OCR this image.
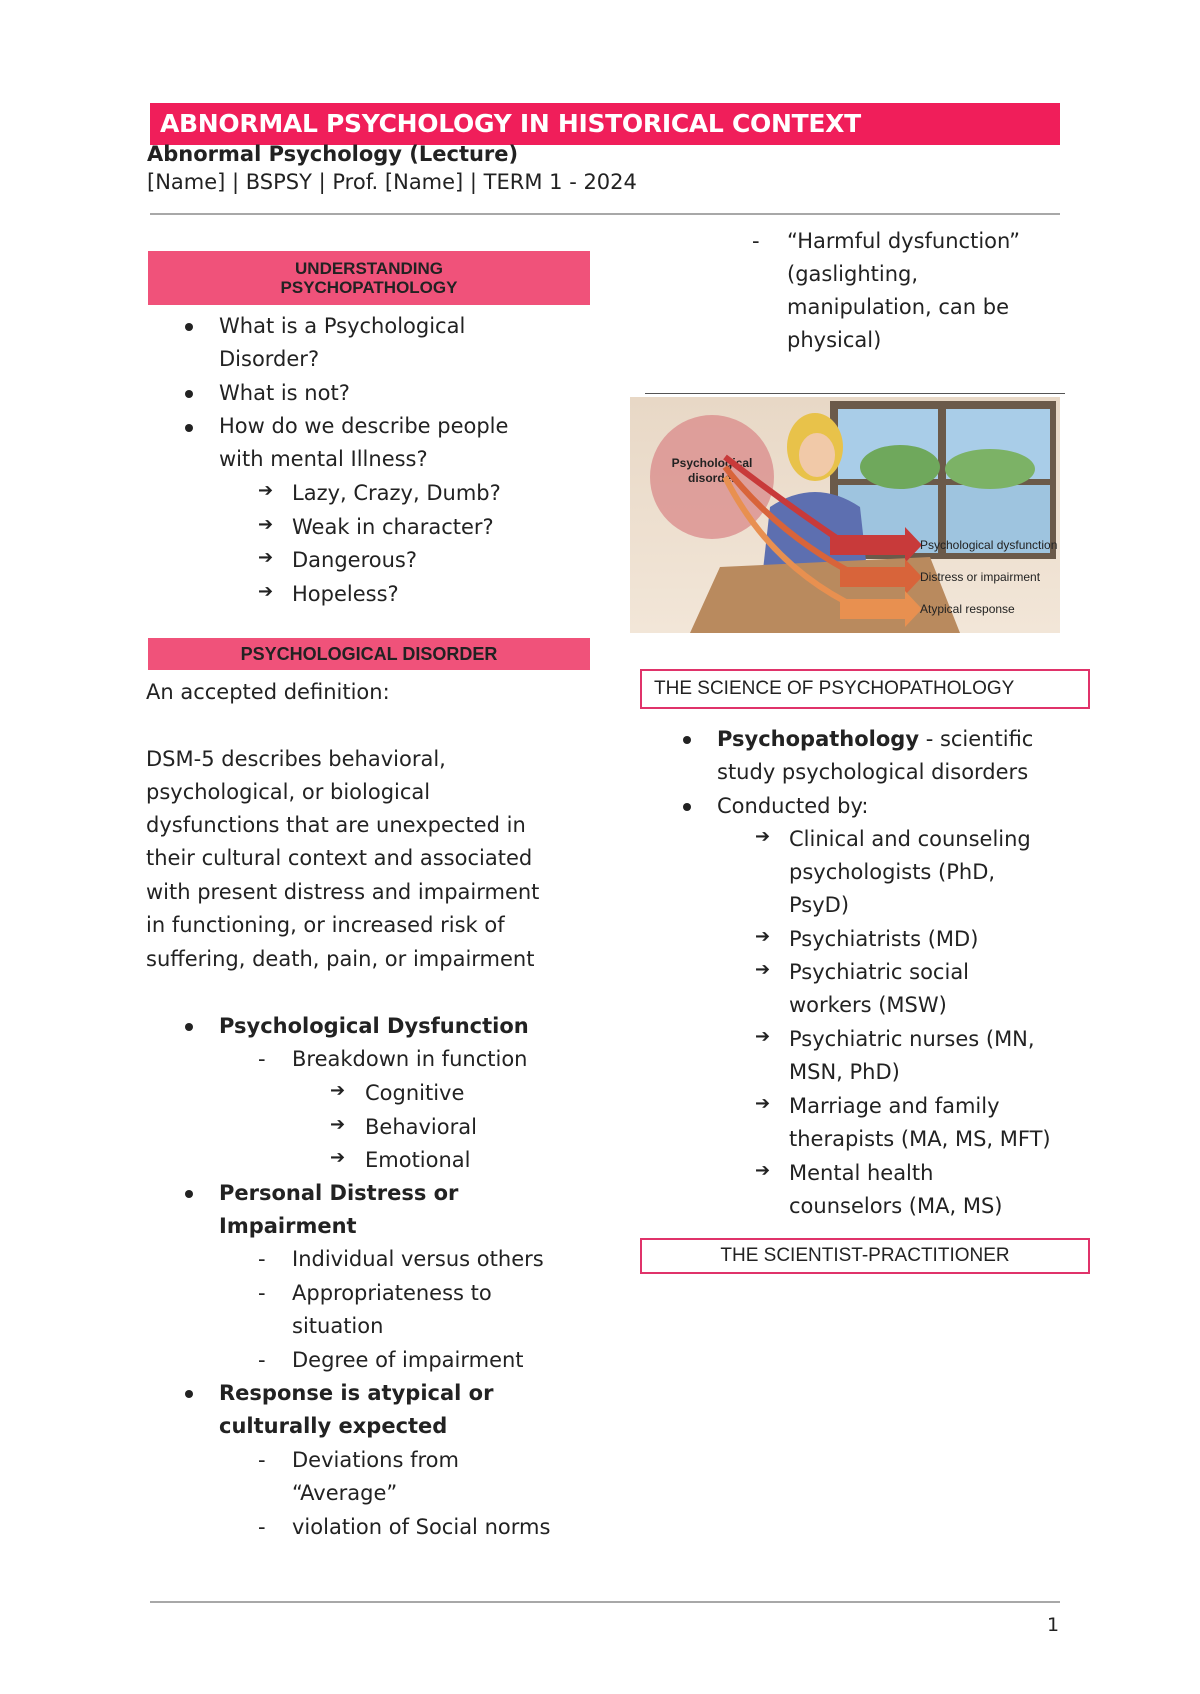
ABNORMAL PSYCHOLOGY IN HISTORICAL CONTEXT
Abnormal Psychology (Lecture)
[Name] | BSPSY | Prof. [Name] | TERM 1 - 2024
UNDERSTANDING
PSYCHOPATHOLOGY
What is a Psychological
Disorder?
What is not?
How do we describe people
with mental Illness?
➔ Lazy, Crazy, Dumb?
➔ Weak in character?
➔ Dangerous?
➔ Hopeless?
PSYCHOLOGICAL DISORDER
An accepted definition:
DSM-5 describes behavioral,
psychological, or biological
dysfunctions that are unexpected in
their cultural context and associated
with present distress and impairment
in functioning, or increased risk of
suffering, death, pain, or impairment
Psychological Dysfunction
- Breakdown in function
➔ Cognitive
➔ Behavioral
➔ Emotional
Personal Distress or
Impairment
- Individual versus others
- Appropriateness to
situation
- Degree of impairment
Response is atypical or
culturally expected
- Deviations from
“Average”
- violation of Social norms
- “Harmful dysfunction”
(gaslighting,
manipulation, can be
physical)
Psychological
disorder
Psychological dysfunction
Distress or impairment
Atypical response
THE SCIENCE OF PSYCHOPATHOLOGY
Psychopathology - scientific
study psychological disorders
Conducted by:
➔ Clinical and counseling
psychologists (PhD,
PsyD)
➔ Psychiatrists (MD)
➔ Psychiatric social
workers (MSW)
➔ Psychiatric nurses (MN,
MSN, PhD)
➔ Marriage and family
therapists (MA, MS, MFT)
➔ Mental health
counselors (MA, MS)
THE SCIENTIST-PRACTITIONER
1
